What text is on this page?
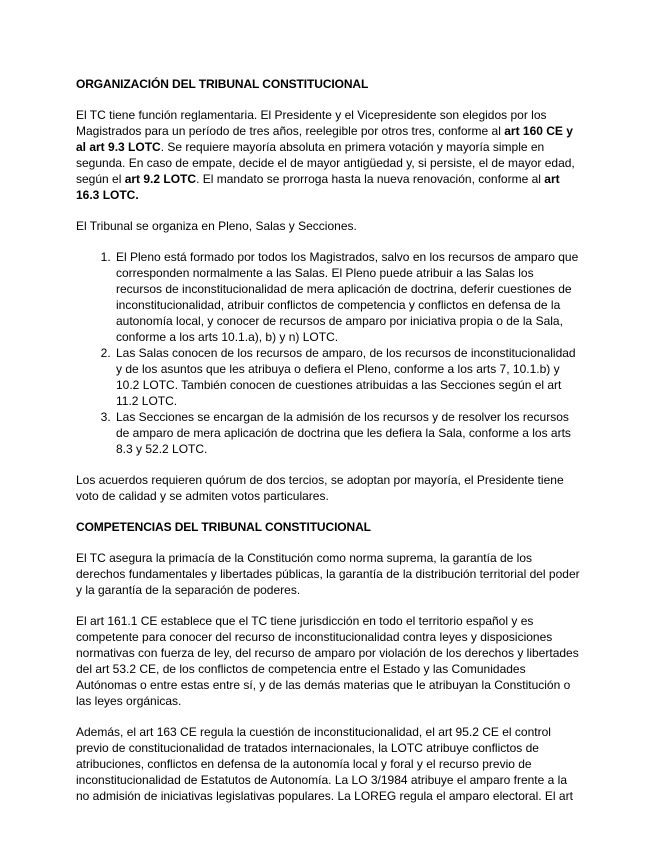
ORGANIZACIÓN DEL TRIBUNAL CONSTITUCIONAL

El TC tiene función reglamentaria. El Presidente y el Vicepresidente son elegidos por los Magistrados para un período de tres años, reelegible por otros tres, conforme al art 160 CE y al art 9.3 LOTC. Se requiere mayoría absoluta en primera votación y mayoría simple en segunda. En caso de empate, decide el de mayor antigüedad y, si persiste, el de mayor edad, según el art 9.2 LOTC. El mandato se prorroga hasta la nueva renovación, conforme al art 16.3 LOTC.

El Tribunal se organiza en Pleno, Salas y Secciones.

1. El Pleno está formado por todos los Magistrados, salvo en los recursos de amparo que corresponden normalmente a las Salas. El Pleno puede atribuir a las Salas los recursos de inconstitucionalidad de mera aplicación de doctrina, deferir cuestiones de inconstitucionalidad, atribuir conflictos de competencia y conflictos en defensa de la autonomía local, y conocer de recursos de amparo por iniciativa propia o de la Sala, conforme a los arts 10.1.a), b) y n) LOTC.
2. Las Salas conocen de los recursos de amparo, de los recursos de inconstitucionalidad y de los asuntos que les atribuya o defiera el Pleno, conforme a los arts 7, 10.1.b) y 10.2 LOTC. También conocen de cuestiones atribuidas a las Secciones según el art 11.2 LOTC.
3. Las Secciones se encargan de la admisión de los recursos y de resolver los recursos de amparo de mera aplicación de doctrina que les defiera la Sala, conforme a los arts 8.3 y 52.2 LOTC.

Los acuerdos requieren quórum de dos tercios, se adoptan por mayoría, el Presidente tiene voto de calidad y se admiten votos particulares.

COMPETENCIAS DEL TRIBUNAL CONSTITUCIONAL

El TC asegura la primacía de la Constitución como norma suprema, la garantía de los derechos fundamentales y libertades públicas, la garantía de la distribución territorial del poder y la garantía de la separación de poderes.

El art 161.1 CE establece que el TC tiene jurisdicción en todo el territorio español y es competente para conocer del recurso de inconstitucionalidad contra leyes y disposiciones normativas con fuerza de ley, del recurso de amparo por violación de los derechos y libertades del art 53.2 CE, de los conflictos de competencia entre el Estado y las Comunidades Autónomas o entre estas entre sí, y de las demás materias que le atribuyan la Constitución o las leyes orgánicas.

Además, el art 163 CE regula la cuestión de inconstitucionalidad, el art 95.2 CE el control previo de constitucionalidad de tratados internacionales, la LOTC atribuye conflictos de atribuciones, conflictos en defensa de la autonomía local y foral y el recurso previo de inconstitucionalidad de Estatutos de Autonomía. La LO 3/1984 atribuye el amparo frente a la no admisión de iniciativas legislativas populares. La LOREG regula el amparo electoral. El art
